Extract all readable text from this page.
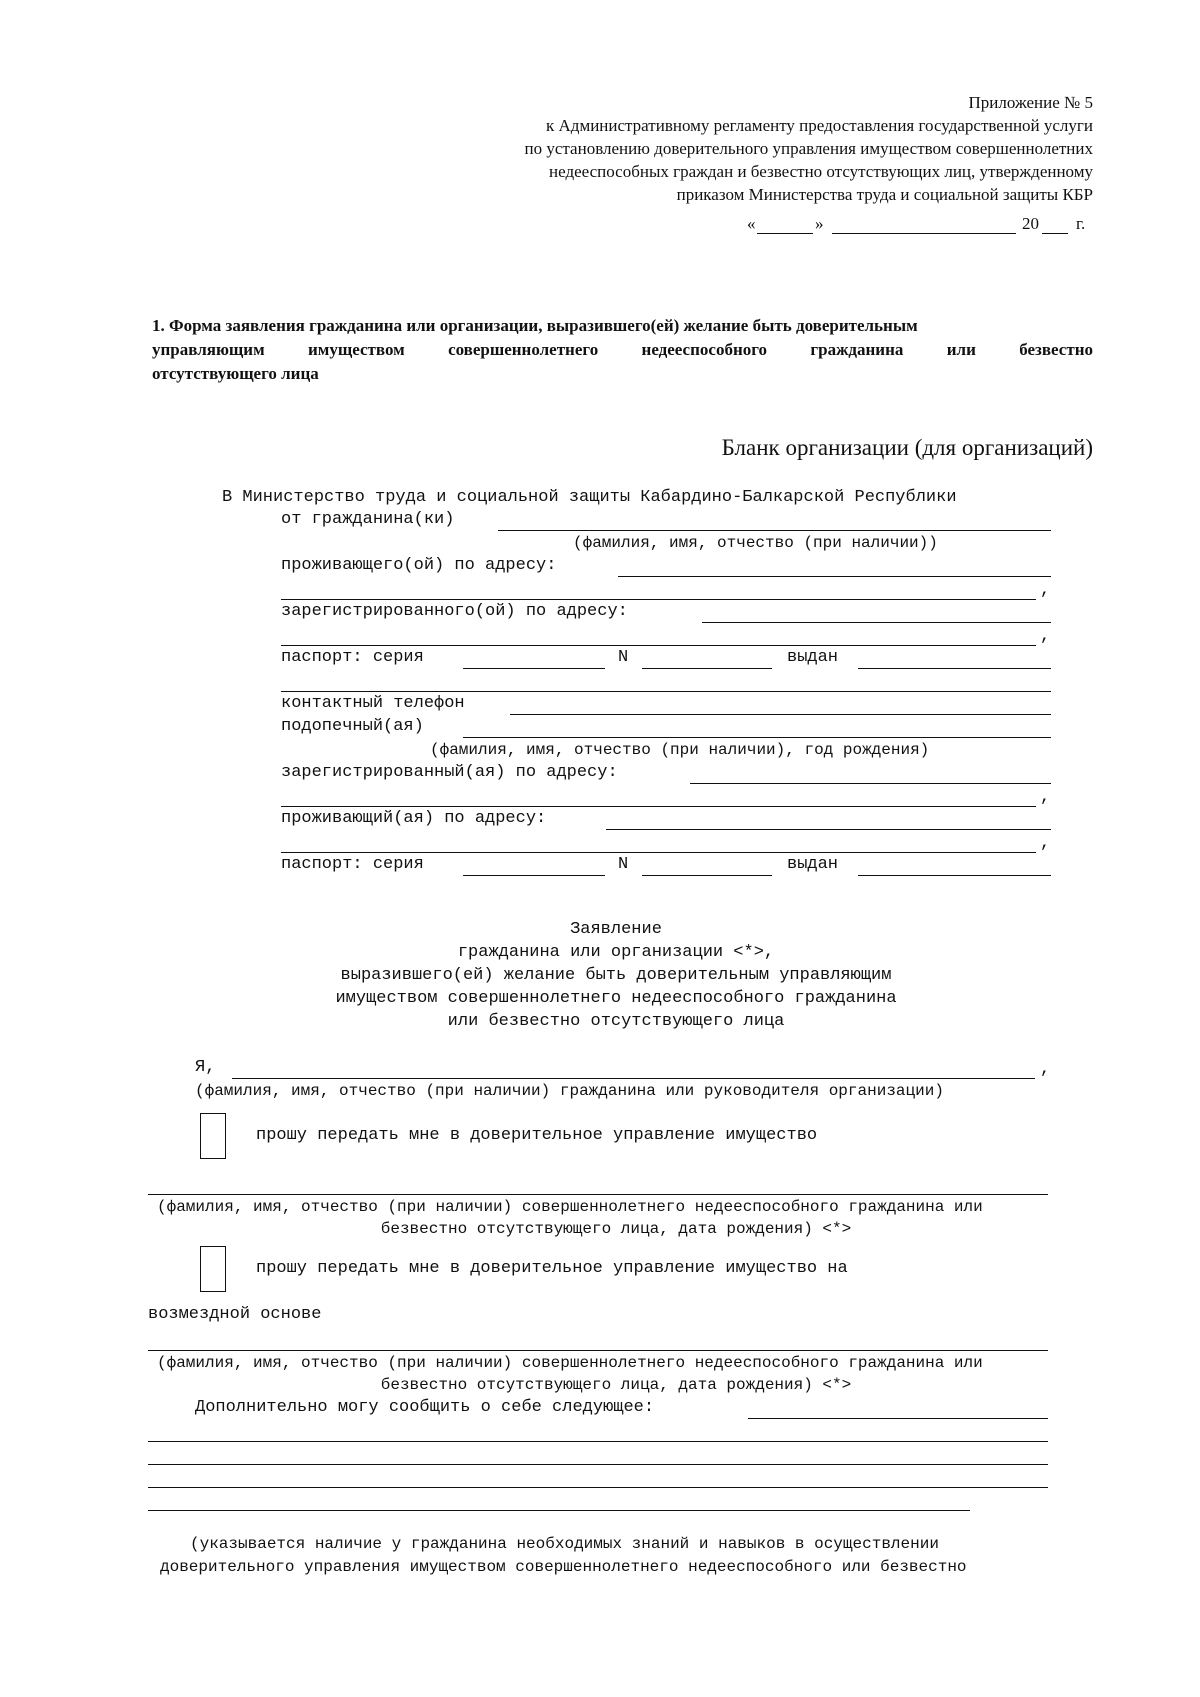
Приложение № 5
к Административному регламенту предоставления государственной услуги
по установлению доверительного управления имуществом совершеннолетних
недееспособных граждан и безвестно отсутствующих лиц, утвержденному
приказом Министерства труда и социальной защиты КБР
«	»	20 г.
1. Форма заявления гражданина или организации, выразившего(ей) желание быть доверительным
управляющим	имуществом	совершеннолетнего	недееспособного	гражданина	или	безвестно
отсутствующего лица
Бланк организации (для организаций)
В Министерство труда и социальной защиты Кабардино-Балкарской Республики
от гражданина(ки)
(фамилия, имя, отчество (при наличии))
проживающего(ой) по адресу:
,
зарегистрированного(ой) по адресу:
,
паспорт: серия	N	выдан
контактный телефон
подопечный(ая)
(фамилия, имя, отчество (при наличии), год рождения)
зарегистрированный(ая) по адресу:
,
проживающий(ая) по адресу:
,
паспорт: серия	N	выдан
Заявление
гражданина или организации <*>,
выразившего(ей) желание быть доверительным управляющим
имуществом совершеннолетнего недееспособного гражданина
или безвестно отсутствующего лица
Я,	,
(фамилия, имя, отчество (при наличии) гражданина или руководителя организации)
прошу передать мне в доверительное управление имущество
(фамилия, имя, отчество (при наличии) совершеннолетнего недееспособного гражданина или
безвестно отсутствующего лица, дата рождения) <*>
прошу передать мне в доверительное управление имущество на
возмездной основе
(фамилия, имя, отчество (при наличии) совершеннолетнего недееспособного гражданина или
безвестно отсутствующего лица, дата рождения) <*>
Дополнительно могу сообщить о себе следующее:
(указывается наличие у гражданина необходимых знаний и навыков в осуществлении
доверительного управления имуществом совершеннолетнего недееспособного или безвестно
